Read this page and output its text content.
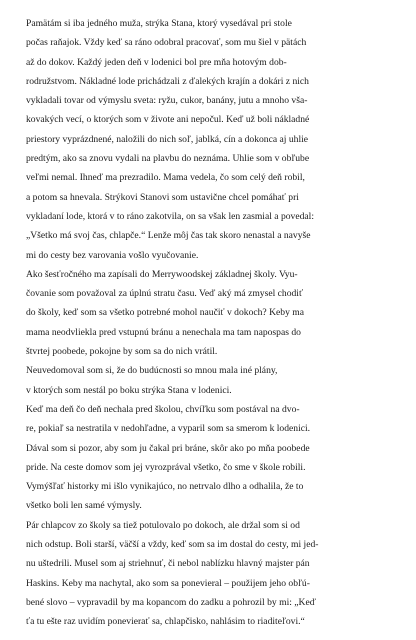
Pamätám si iba jedného muža, strýka Stana, ktorý vysedával pri stole
počas raňajok. Vždy keď sa ráno odobral pracovať, som mu šiel v pätách
až do dokov. Každý jeden deň v lodenici bol pre mňa hotovým dob-
rodružstvom. Nákladné lode prichádzali z ďalekých krajín a dokári z nich
vykladali tovar od výmyslu sveta: ryžu, cukor, banány, jutu a mnoho vša-
kovakých vecí, o ktorých som v živote ani nepočul. Keď už boli nákladné
priestory vyprázdnené, naložili do nich soľ, jablká, cín a dokonca aj uhlie
predtým, ako sa znovu vydali na plavbu do neznáma. Uhlie som v obľube
veľmi nemal. Ihneď ma prezradilo. Mama vedela, čo som celý deň robil,
a potom sa hnevala. Strýkovi Stanovi som ustavične chcel pomáhať pri
vykladaní lode, ktorá v to ráno zakotvila, on sa však len zasmial a povedal:
„Všetko má svoj čas, chlapče.“ Lenže môj čas tak skoro nenastal a navyše
mi do cesty bez varovania vošlo vyučovanie.
Ako šesťročného ma zapísali do Merrywoodskej základnej školy. Vyu-
čovanie som považoval za úplnú stratu času. Veď aký má zmysel chodiť
do školy, keď som sa všetko potrebné mohol naučiť v dokoch? Keby ma
mama neodvliekla pred vstupnú bránu a nenechala ma tam napospas do
štvrtej poobede, pokojne by som sa do nich vrátil.
Neuvedomoval som si, že do budúcnosti so mnou mala iné plány,
v ktorých som nestál po boku strýka Stana v lodenici.
Keď ma deň čo deň nechala pred školou, chvíľku som postával na dvo-
re, pokiaľ sa nestratila v nedohľadne, a vyparil som sa smerom k lodenici.
Dával som si pozor, aby som ju čakal pri bráne, skôr ako po mňa poobede
pride. Na ceste domov som jej vyrozprával všetko, čo sme v škole robili.
Vymýšľať historky mi išlo vynikajúco, no netrvalo dlho a odhalila, že to
všetko boli len samé výmysly.
Pár chlapcov zo školy sa tiež potulovalo po dokoch, ale držal som si od
nich odstup. Boli starší, väčší a vždy, keď som sa im dostal do cesty, mi jed-
nu uštedrili. Musel som aj striehnuť, či nebol nablízku hlavný majster pán
Haskins. Keby ma nachytal, ako som sa ponevieral – použijem jeho obľú-
bené slovo – vypravadil by ma kopancom do zadku a pohrozil by mi: „Keď
ťa tu ešte raz uvidím ponevierať sa, chlapčisko, nahlásim to riaditeľovi.“
